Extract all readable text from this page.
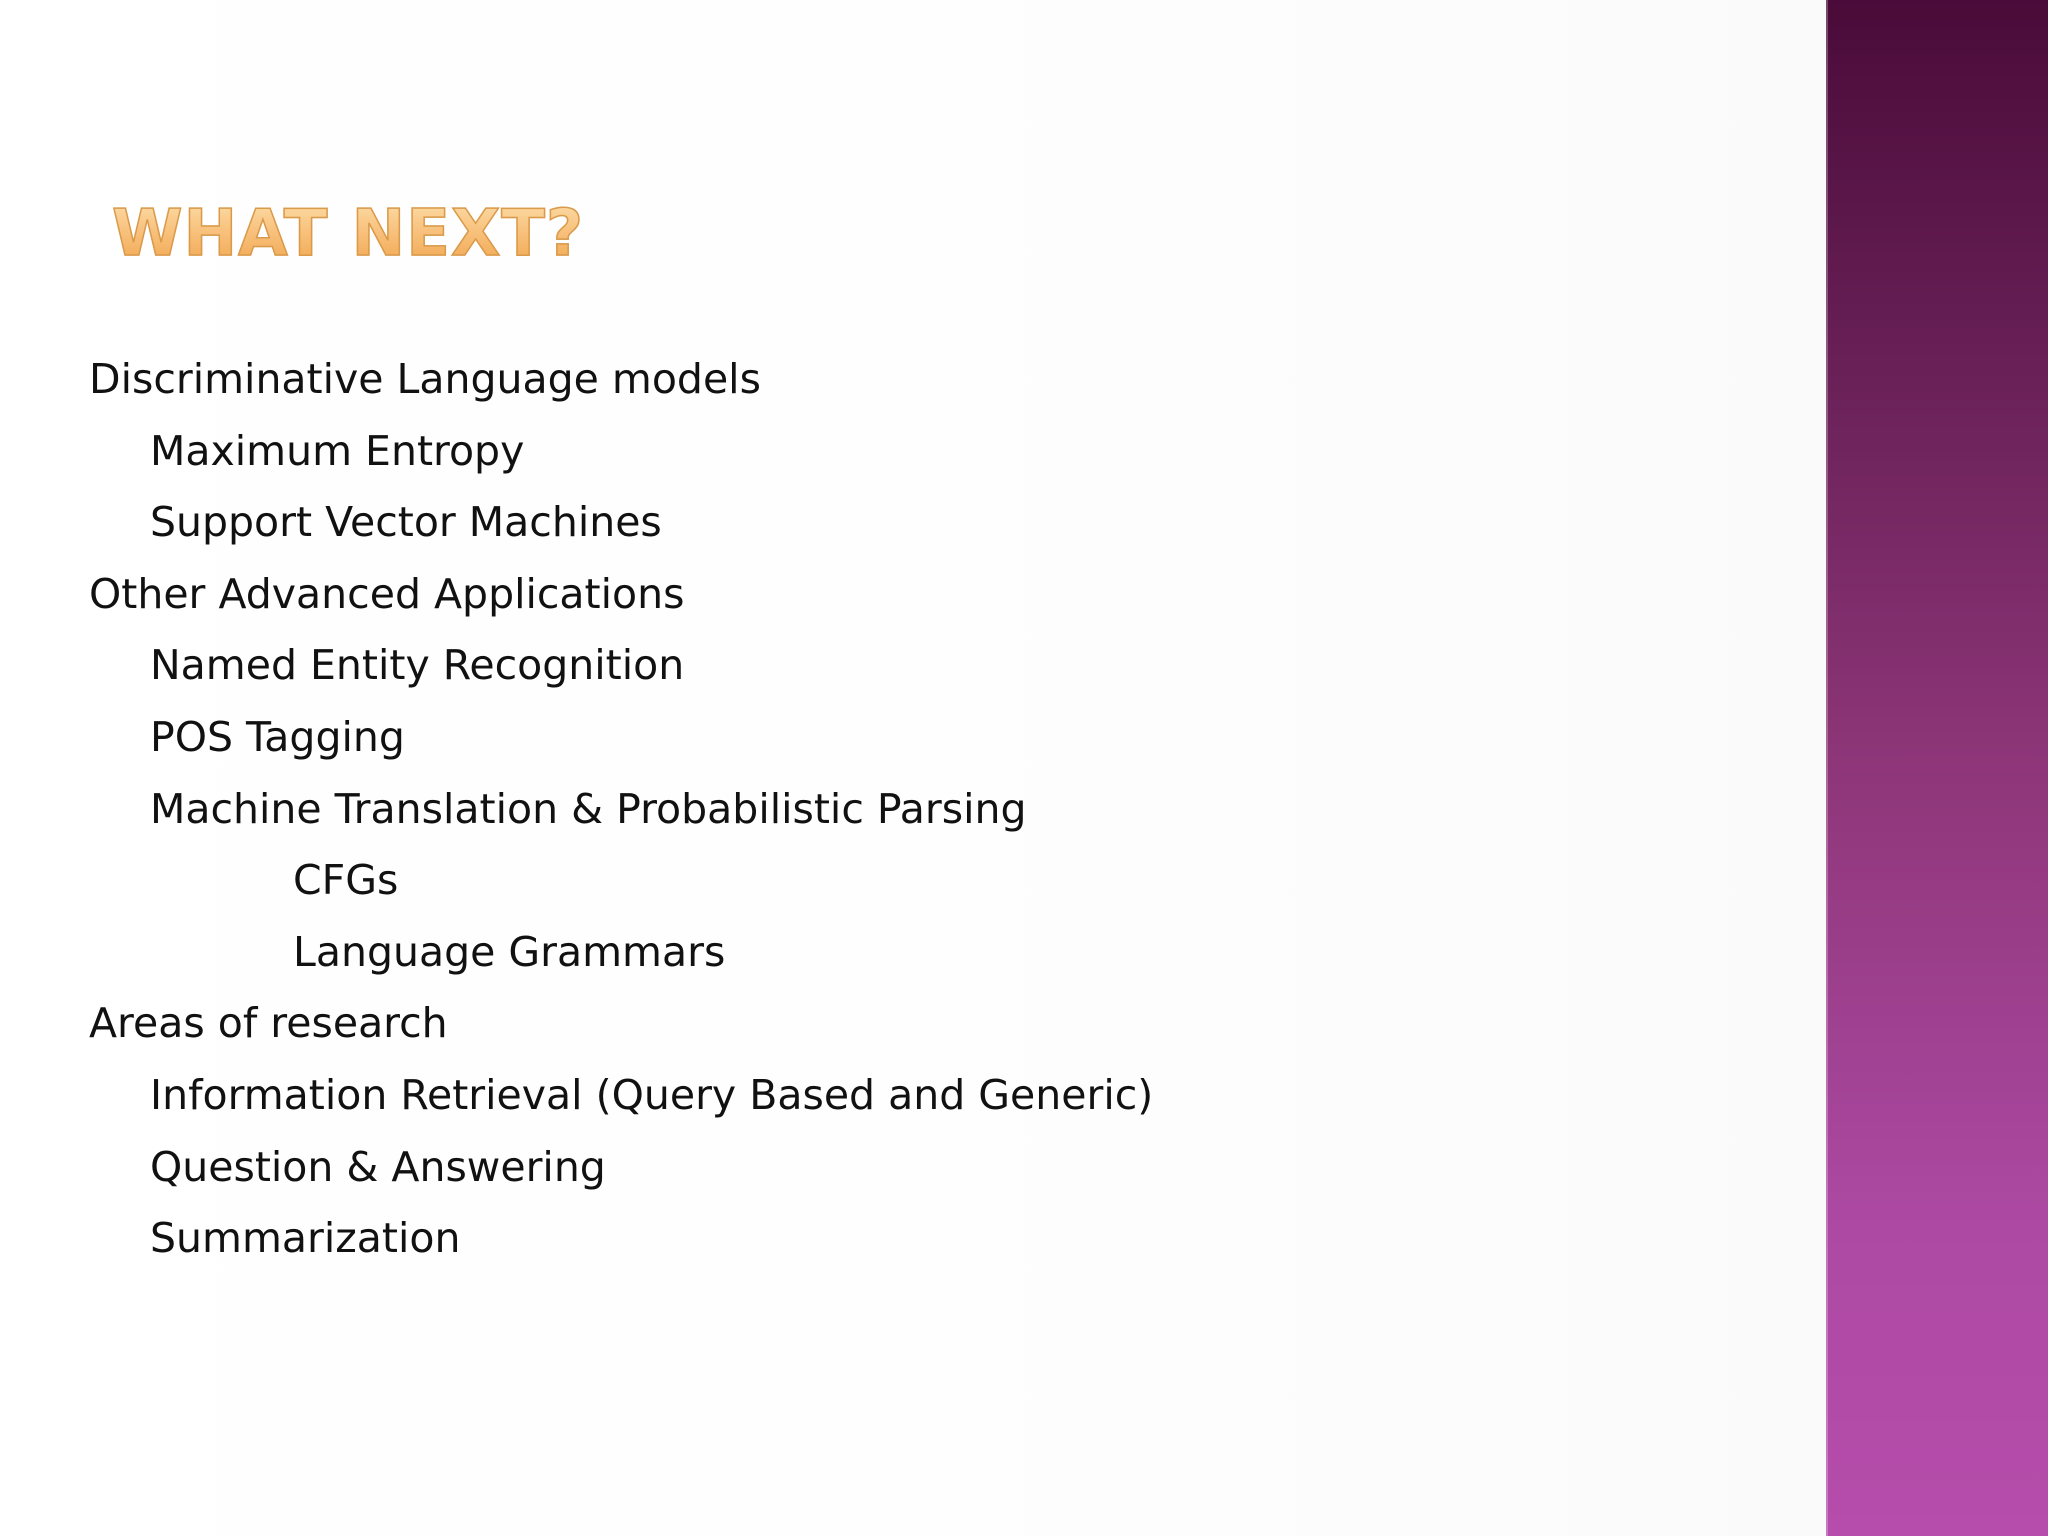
WHAT NEXT?
Discriminative Language models
Maximum Entropy
Support Vector Machines
Other Advanced Applications
Named Entity Recognition
POS Tagging
Machine Translation & Probabilistic Parsing
CFGs
Language Grammars
Areas of research
Information Retrieval (Query Based and Generic)
Question & Answering
Summarization
